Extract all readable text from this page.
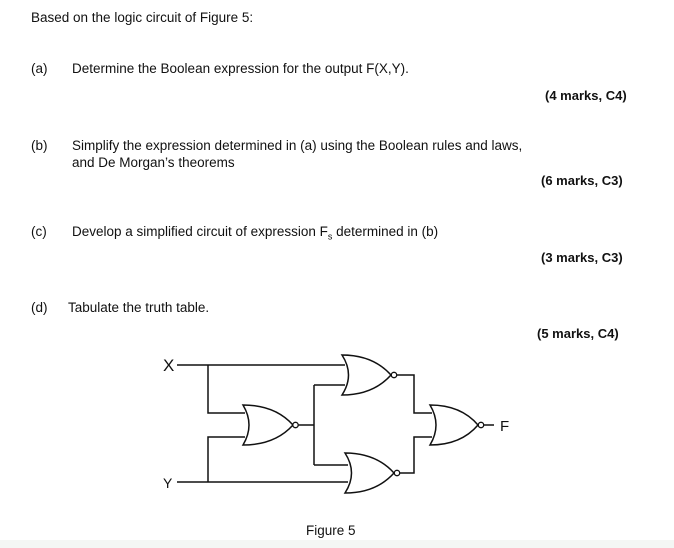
Based on the logic circuit of Figure 5:
(a) Determine the Boolean expression for the output F(X,Y).
(4 marks, C4)
(b) Simplify the expression determined in (a) using the Boolean rules and laws,
and De Morgan’s theorems
(6 marks, C3)
(c) Develop a simplified circuit of expression $F_s$ determined in (b)
(3 marks, C3)
(d) Tabulate the truth table.
(5 marks, C4)
X
Y
F
Figure 5
